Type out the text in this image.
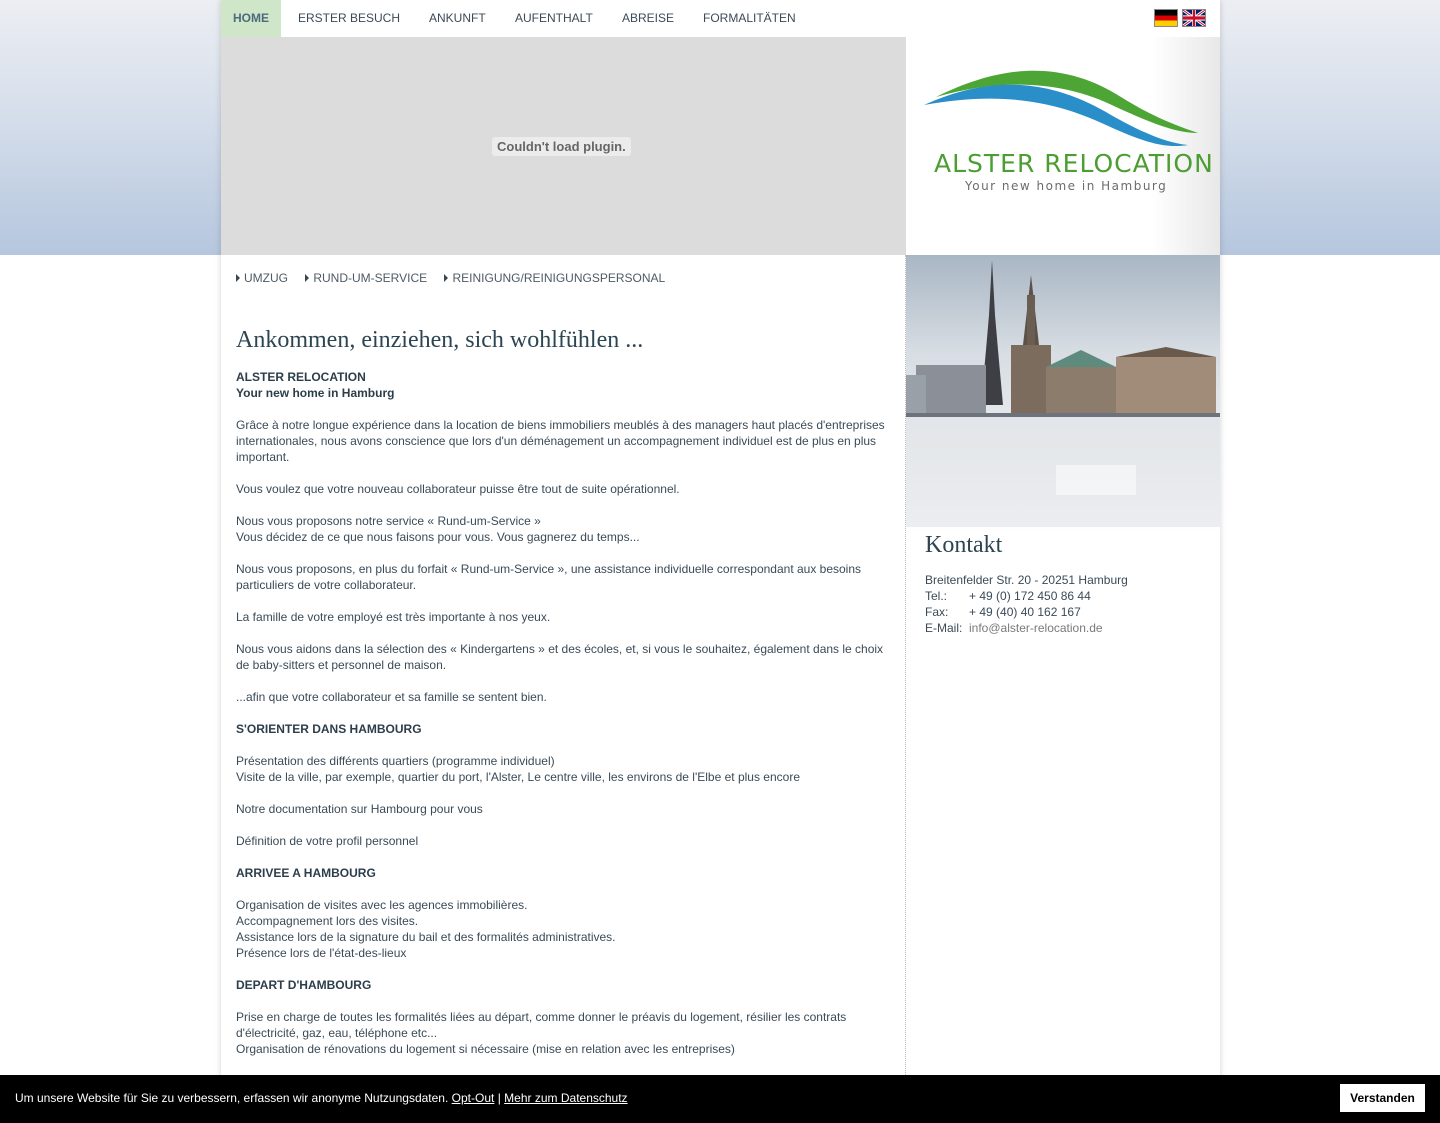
HOME	ERSTER BESUCH ANKUNFT AUFENTHALT ABREISE FORMALITÄTEN
Couldn't load plugin.
ALSTER RELOCATION
Your new home in Hamburg
UMZUG RUND-UM-SERVICE REINIGUNG/REINIGUNGSPERSONAL
Ankommen, einziehen, sich wohlfühlen ...

ALSTER RELOCATION

Your new home in Hamburg

Grâce à notre longue expérience dans la location de biens immobiliers meublés à des managers haut placés d'entreprises internationales, nous avons conscience que lors d'un déménagement un accompagnement individuel est de plus en plus important.

Vous voulez que votre nouveau collaborateur puisse être tout de suite opérationnel.

Nous vous proposons notre service « Rund-um-Service »

Vous décidez de ce que nous faisons pour vous. Vous gagnerez du temps...

Nous vous proposons, en plus du forfait « Rund-um-Service », une assistance individuelle correspondant aux besoins particuliers de votre collaborateur.

La famille de votre employé est très importante à nos yeux.

Nous vous aidons dans la sélection des « Kindergartens » et des écoles, et, si vous le souhaitez, également dans le choix de baby-sitters et personnel de maison.

...afin que votre collaborateur et sa famille se sentent bien.

S'ORIENTER DANS HAMBOURG

Présentation des différents quartiers (programme individuel)

Visite de la ville, par exemple, quartier du port, l'Alster, Le centre ville, les environs de l'Elbe et plus encore

Notre documentation sur Hambourg pour vous

Définition de votre profil personnel

ARRIVEE A HAMBOURG

Organisation de visites avec les agences immobilières.

Accompagnement lors des visites.

Assistance lors de la signature du bail et des formalités administratives.

Présence lors de l'état-des-lieux

DEPART D'HAMBOURG

Prise en charge de toutes les formalités liées au départ, comme donner le préavis du logement, résilier les contrats d'électricité, gaz, eau, téléphone etc...

Organisation de rénovations du logement si nécessaire (mise en relation avec les entreprises)

Kontakt
Breitenfelder Str. 20 - 20251 Hamburg
Tel.: + 49 (0) 172 450 86 44
Fax: + 49 (40) 40 162 167
E-Mail: info@alster-relocation.de
Um unsere Website für Sie zu verbessern, erfassen wir anonyme Nutzungsdaten. Opt-Out | Mehr zum Datenschutz	Verstanden
